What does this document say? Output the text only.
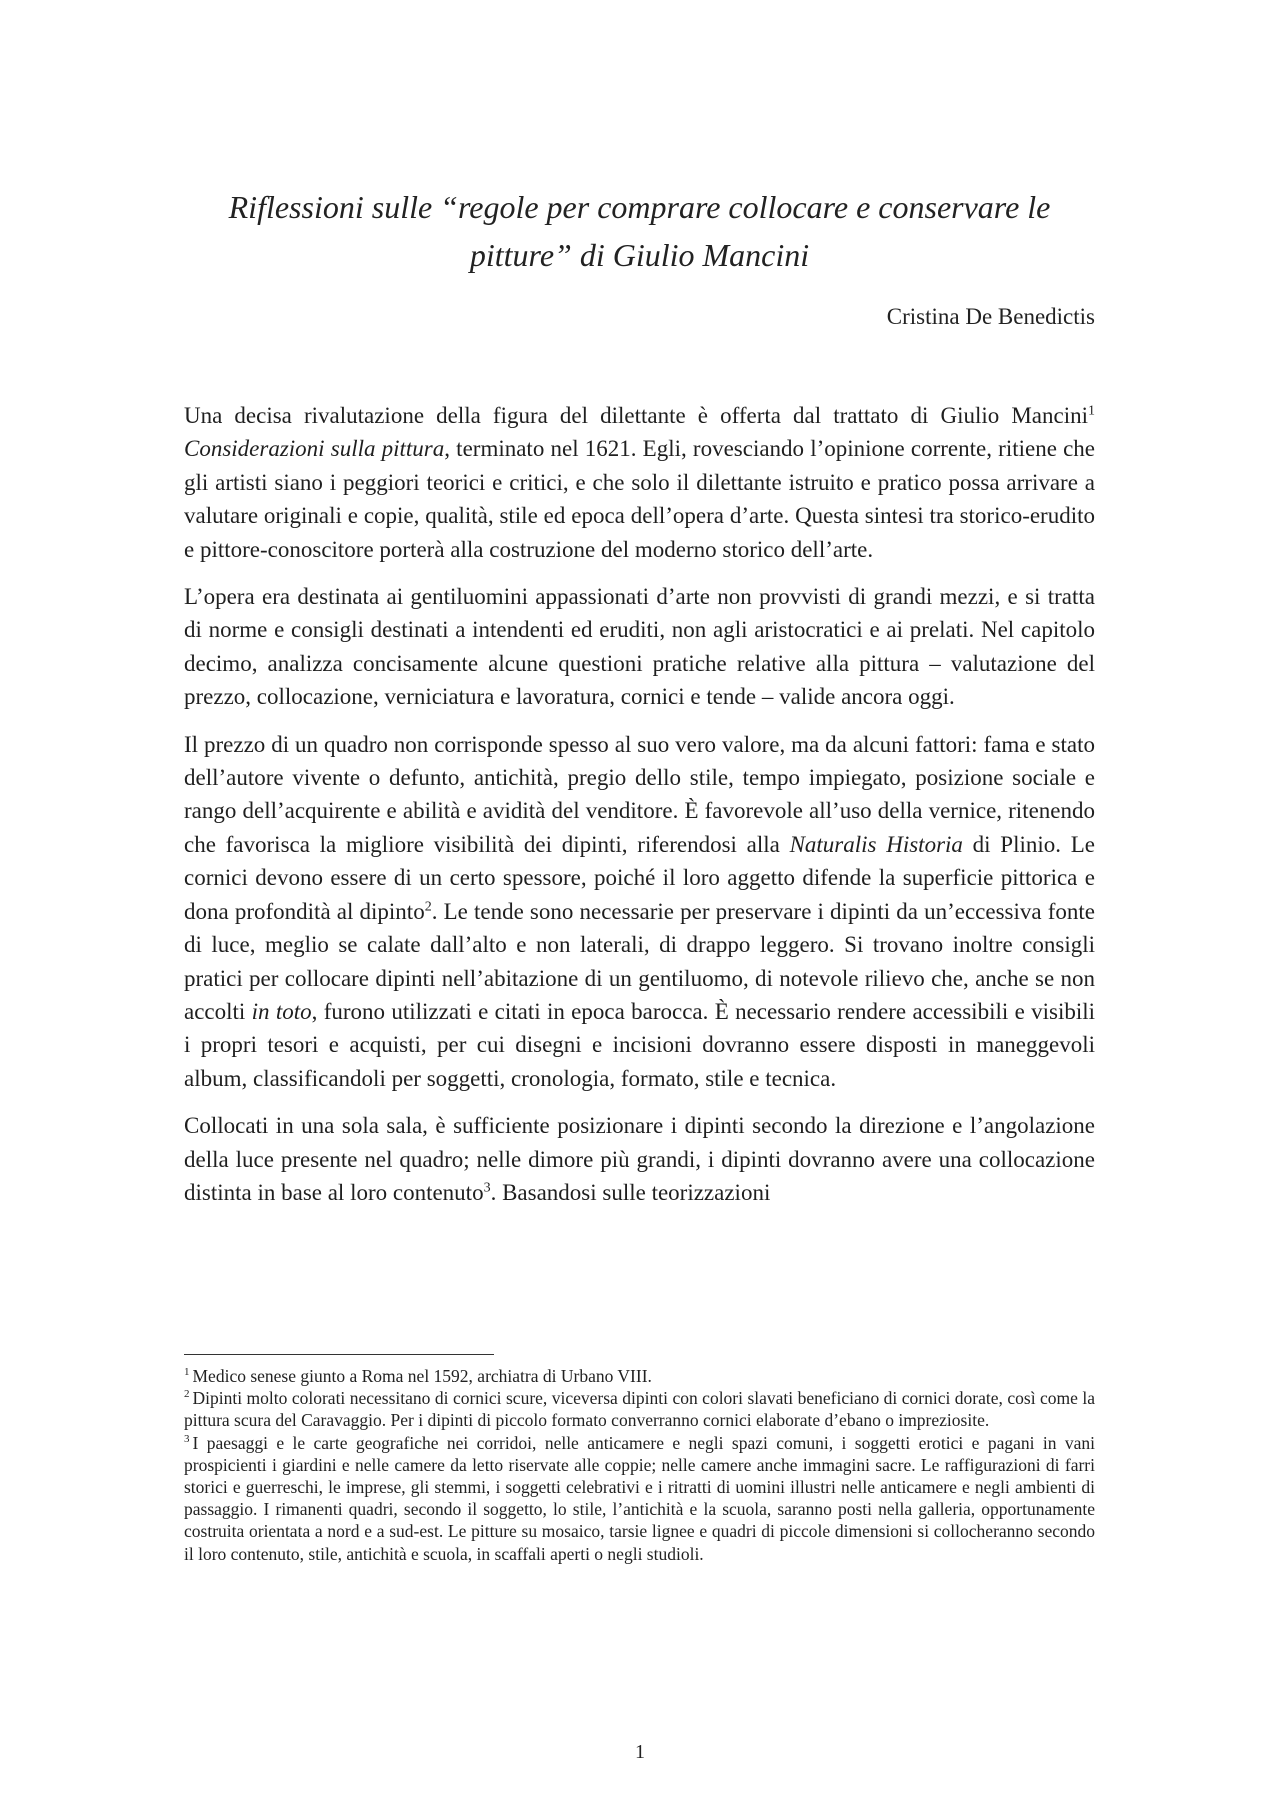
Riflessioni sulle “regole per comprare collocare e conservare le
pitture” di Giulio Mancini

Cristina De Benedictis

Una decisa rivalutazione della figura del dilettante è offerta dal trattato di Giulio Mancini$^1$ Considerazioni sulla pittura, terminato nel 1621. Egli, rovesciando l’opinione corrente, ritiene che gli artisti siano i peggiori teorici e critici, e che solo il dilettante istruito e pratico possa arrivare a valutare originali e copie, qualità, stile ed epoca dell’opera d’arte. Questa sintesi tra storico-erudito e pittore-conoscitore porterà alla costruzione del moderno storico dell’arte.

L’opera era destinata ai gentiluomini appassionati d’arte non provvisti di grandi mezzi, e si tratta di norme e consigli destinati a intendenti ed eruditi, non agli aristocratici e ai prelati. Nel capitolo decimo, analizza concisamente alcune questioni pratiche relative alla pittura – valutazione del prezzo, collocazione, verniciatura e lavoratura, cornici e tende – valide ancora oggi.

Il prezzo di un quadro non corrisponde spesso al suo vero valore, ma da alcuni fattori: fama e stato dell’autore vivente o defunto, antichità, pregio dello stile, tempo impiegato, posizione sociale e rango dell’acquirente e abilità e avidità del venditore. È favorevole all’uso della vernice, ritenendo che favorisca la migliore visibilità dei dipinti, riferendosi alla Naturalis Historia di Plinio. Le cornici devono essere di un certo spessore, poiché il loro aggetto difende la superficie pittorica e dona profondità al dipinto$^2$. Le tende sono necessarie per preservare i dipinti da un’eccessiva fonte di luce, meglio se calate dall’alto e non laterali, di drappo leggero. Si trovano inoltre consigli pratici per collocare dipinti nell’abitazione di un gentiluomo, di notevole rilievo che, anche se non accolti in toto, furono utilizzati e citati in epoca barocca. È necessario rendere accessibili e visibili i propri tesori e acquisti, per cui disegni e incisioni dovranno essere disposti in maneggevoli album, classificandoli per soggetti, cronologia, formato, stile e tecnica.

Collocati in una sola sala, è sufficiente posizionare i dipinti secondo la direzione e l’angolazione della luce presente nel quadro; nelle dimore più grandi, i dipinti dovranno avere una collocazione distinta in base al loro contenuto$^3$. Basandosi sulle teorizzazioni

$^1$ Medico senese giunto a Roma nel 1592, archiatra di Urbano VIII.

$^2$ Dipinti molto colorati necessitano di cornici scure, viceversa dipinti con colori slavati beneficiano di cornici dorate, così come la pittura scura del Caravaggio. Per i dipinti di piccolo formato converranno cornici elaborate d’ebano o impreziosite.

$^3$ I paesaggi e le carte geografiche nei corridoi, nelle anticamere e negli spazi comuni, i soggetti erotici e pagani in vani prospicienti i giardini e nelle camere da letto riservate alle coppie; nelle camere anche immagini sacre. Le raffigurazioni di farri storici e guerreschi, le imprese, gli stemmi, i soggetti celebrativi e i ritratti di uomini illustri nelle anticamere e negli ambienti di passaggio. I rimanenti quadri, secondo il soggetto, lo stile, l’antichità e la scuola, saranno posti nella galleria, opportunamente costruita orientata a nord e a sud-est. Le pitture su mosaico, tarsie lignee e quadri di piccole dimensioni si collocheranno secondo il loro contenuto, stile, antichità e scuola, in scaffali aperti o negli studioli.

1
